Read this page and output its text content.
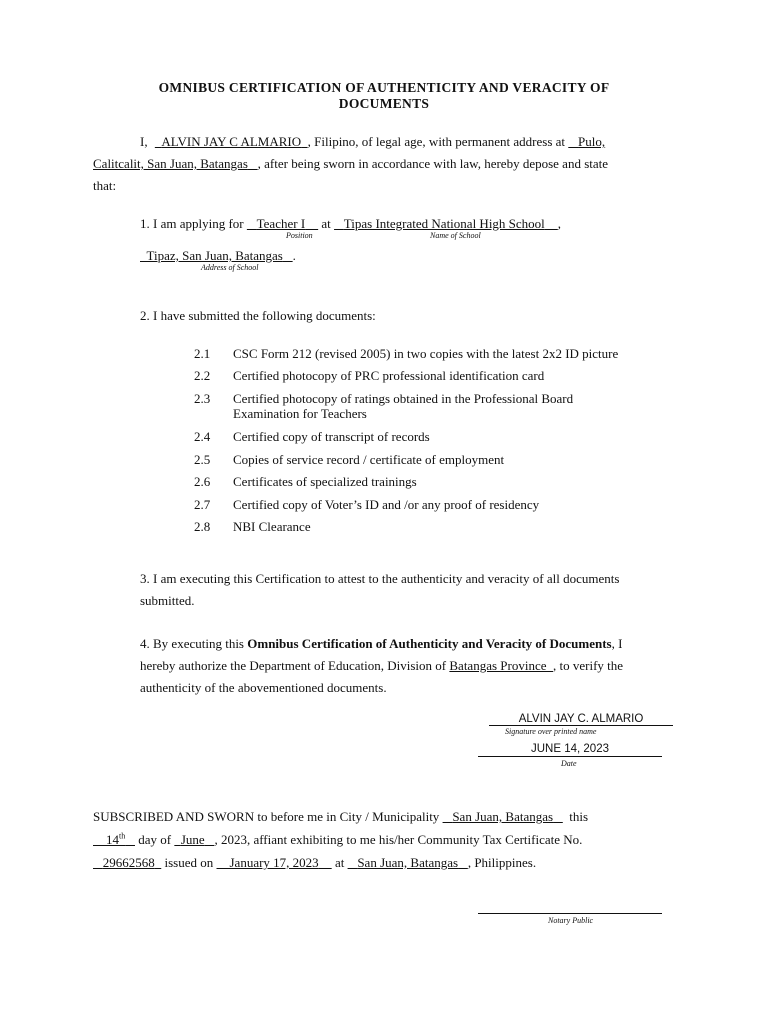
OMNIBUS CERTIFICATION OF AUTHENTICITY AND VERACITY OF
DOCUMENTS
I, ALVIN JAY C ALMARIO , Filipino, of legal age, with permanent address at Pulo,
Calitcalit, San Juan, Batangas , after being sworn in accordance with law, hereby depose and state
that:
1. I am applying for Teacher I at Tipas Integrated National High School ,
Position	Name of School
Tipaz, San Juan, Batangas .
Address of School
2. I have submitted the following documents:
2.1	CSC Form 212 (revised 2005) in two copies with the latest 2x2 ID picture
2.2	Certified photocopy of PRC professional identification card
2.3	Certified photocopy of ratings obtained in the Professional Board
Examination for Teachers
2.4	Certified copy of transcript of records
2.5	Copies of service record / certificate of employment
2.6	Certificates of specialized trainings
2.7	Certified copy of Voter’s ID and /or any proof of residency
2.8	NBI Clearance
3. I am executing this Certification to attest to the authenticity and veracity of all documents
submitted.
4. By executing this Omnibus Certification of Authenticity and Veracity of Documents, I
hereby authorize the Department of Education, Division of Batangas Province , to verify the
authenticity of the abovementioned documents.
ALVIN JAY C. ALMARIO
Signature over printed name
JUNE 14, 2023
Date
SUBSCRIBED AND SWORN to before me in City / Municipality San Juan, Batangas this
14th day of June , 2023, affiant exhibiting to me his/her Community Tax Certificate No.
29662568 issued on January 17, 2023 at San Juan, Batangas , Philippines.
Notary Public
